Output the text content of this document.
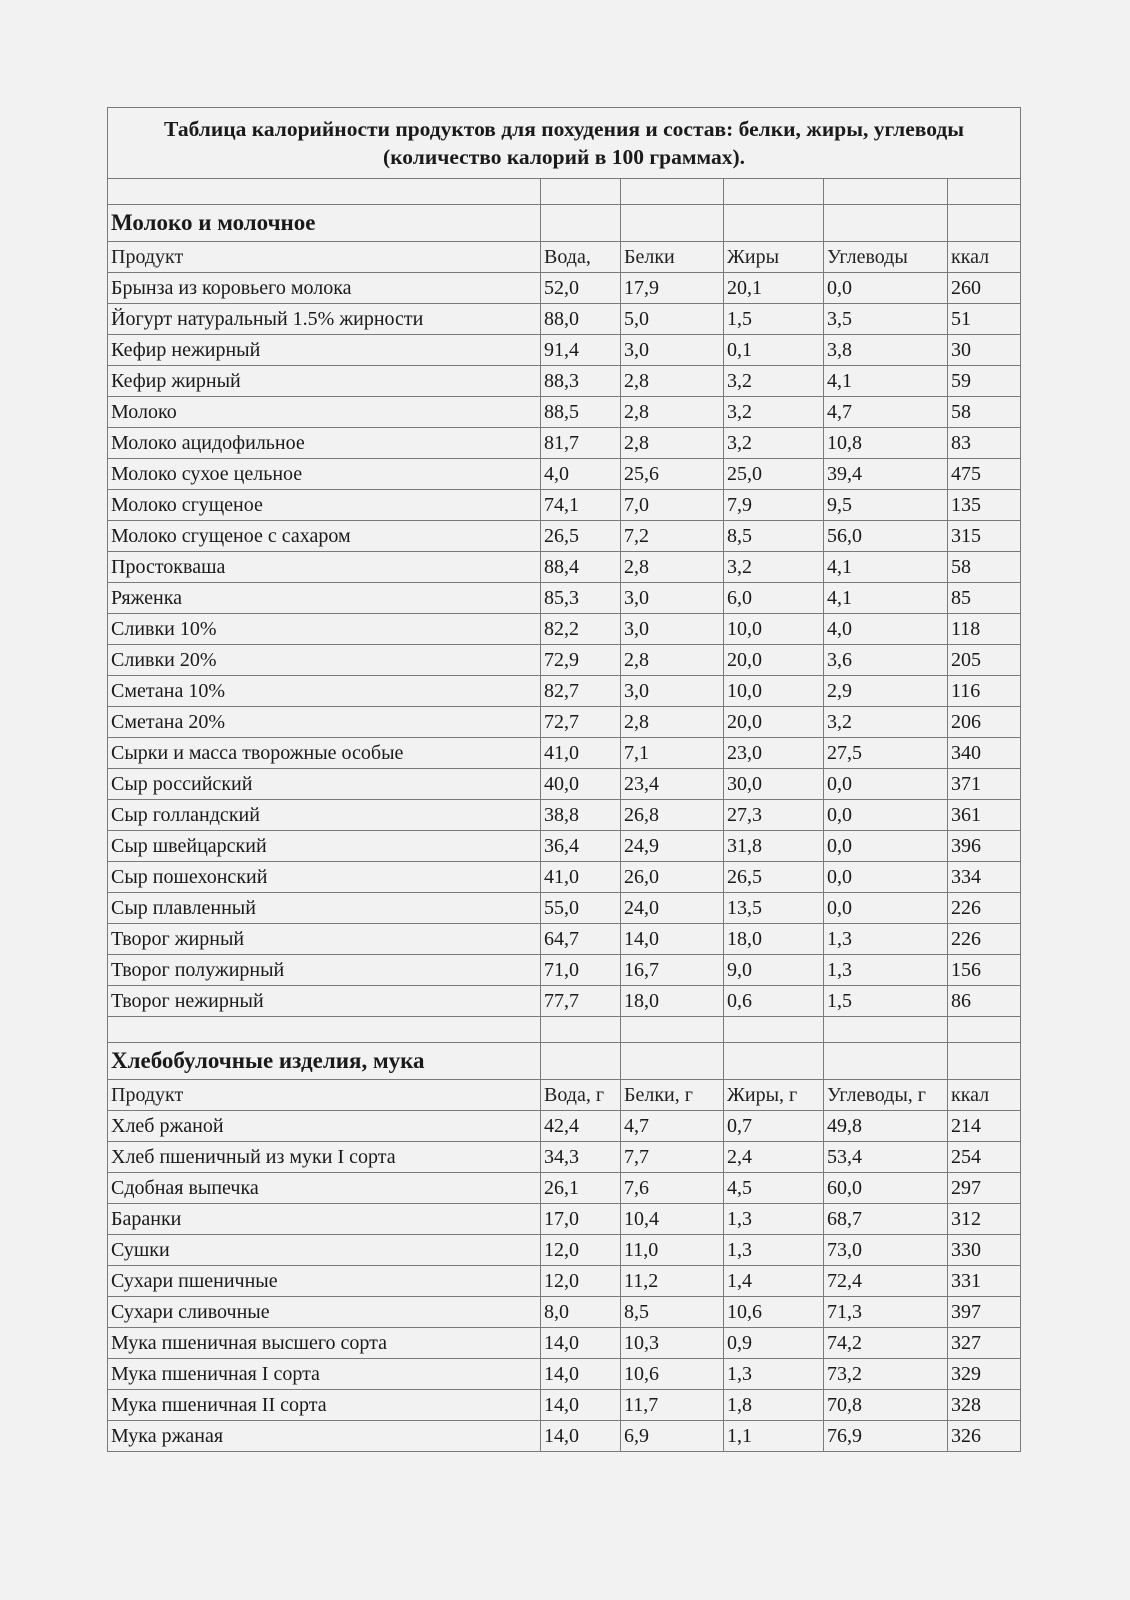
Таблица калорийности продуктов для похудения и состав: белки, жиры, углеводы (количество калорий в 100 граммах).					

Молоко и молочное					
Продукт	Вода,	Белки	Жиры	Углеводы	ккал
Брынза из коровьего молока	52,0	17,9	20,1	0,0	260
Йогурт натуральный 1.5% жирности	88,0	5,0	1,5	3,5	51
Кефир нежирный	91,4	3,0	0,1	3,8	30
Кефир жирный	88,3	2,8	3,2	4,1	59
Молоко	88,5	2,8	3,2	4,7	58
Молоко ацидофильное	81,7	2,8	3,2	10,8	83
Молоко сухое цельное	4,0	25,6	25,0	39,4	475
Молоко сгущеное	74,1	7,0	7,9	9,5	135
Молоко сгущеное с сахаром	26,5	7,2	8,5	56,0	315
Простокваша	88,4	2,8	3,2	4,1	58
Ряженка	85,3	3,0	6,0	4,1	85
Сливки 10%	82,2	3,0	10,0	4,0	118
Сливки 20%	72,9	2,8	20,0	3,6	205
Сметана 10%	82,7	3,0	10,0	2,9	116
Сметана 20%	72,7	2,8	20,0	3,2	206
Сырки и масса творожные особые	41,0	7,1	23,0	27,5	340
Сыр российский	40,0	23,4	30,0	0,0	371
Сыр голландский	38,8	26,8	27,3	0,0	361
Сыр швейцарский	36,4	24,9	31,8	0,0	396
Сыр пошехонский	41,0	26,0	26,5	0,0	334
Сыр плавленный	55,0	24,0	13,5	0,0	226
Творог жирный	64,7	14,0	18,0	1,3	226
Творог полужирный	71,0	16,7	9,0	1,3	156
Творог нежирный	77,7	18,0	0,6	1,5	86

Хлебобулочные изделия, мука					
Продукт	Вода, г	Белки, г	Жиры, г	Углеводы, г	ккал
Хлеб ржаной	42,4	4,7	0,7	49,8	214
Хлеб пшеничный из муки I сорта	34,3	7,7	2,4	53,4	254
Сдобная выпечка	26,1	7,6	4,5	60,0	297
Баранки	17,0	10,4	1,3	68,7	312
Сушки	12,0	11,0	1,3	73,0	330
Сухари пшеничные	12,0	11,2	1,4	72,4	331
Сухари сливочные	8,0	8,5	10,6	71,3	397
Мука пшеничная высшего сорта	14,0	10,3	0,9	74,2	327
Мука пшеничная I сорта	14,0	10,6	1,3	73,2	329
Мука пшеничная II сорта	14,0	11,7	1,8	70,8	328
Мука ржаная	14,0	6,9	1,1	76,9	326
